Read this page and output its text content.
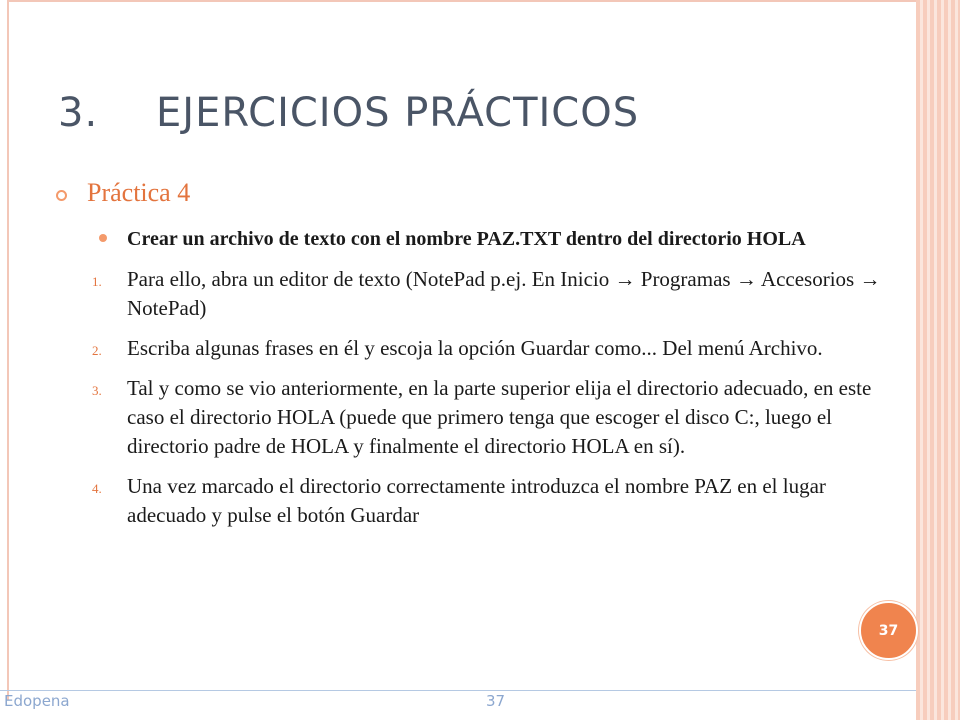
3. EJERCICIOS PRÁCTICOS
Práctica 4
Crear un archivo de texto con el nombre PAZ.TXT dentro del directorio HOLA
1. Para ello, abra un editor de texto (NotePad p.ej. En Inicio → Programas → Accesorios → NotePad)
2. Escriba algunas frases en él y escoja la opción Guardar como... Del menú Archivo.
3. Tal y como se vio anteriormente, en la parte superior elija el directorio adecuado, en este caso el directorio HOLA (puede que primero tenga que escoger el disco C:, luego el directorio padre de HOLA y finalmente el directorio HOLA en sí).
4. Una vez marcado el directorio correctamente introduzca el nombre PAZ en el lugar adecuado y pulse el botón Guardar
37
Edopena	37
